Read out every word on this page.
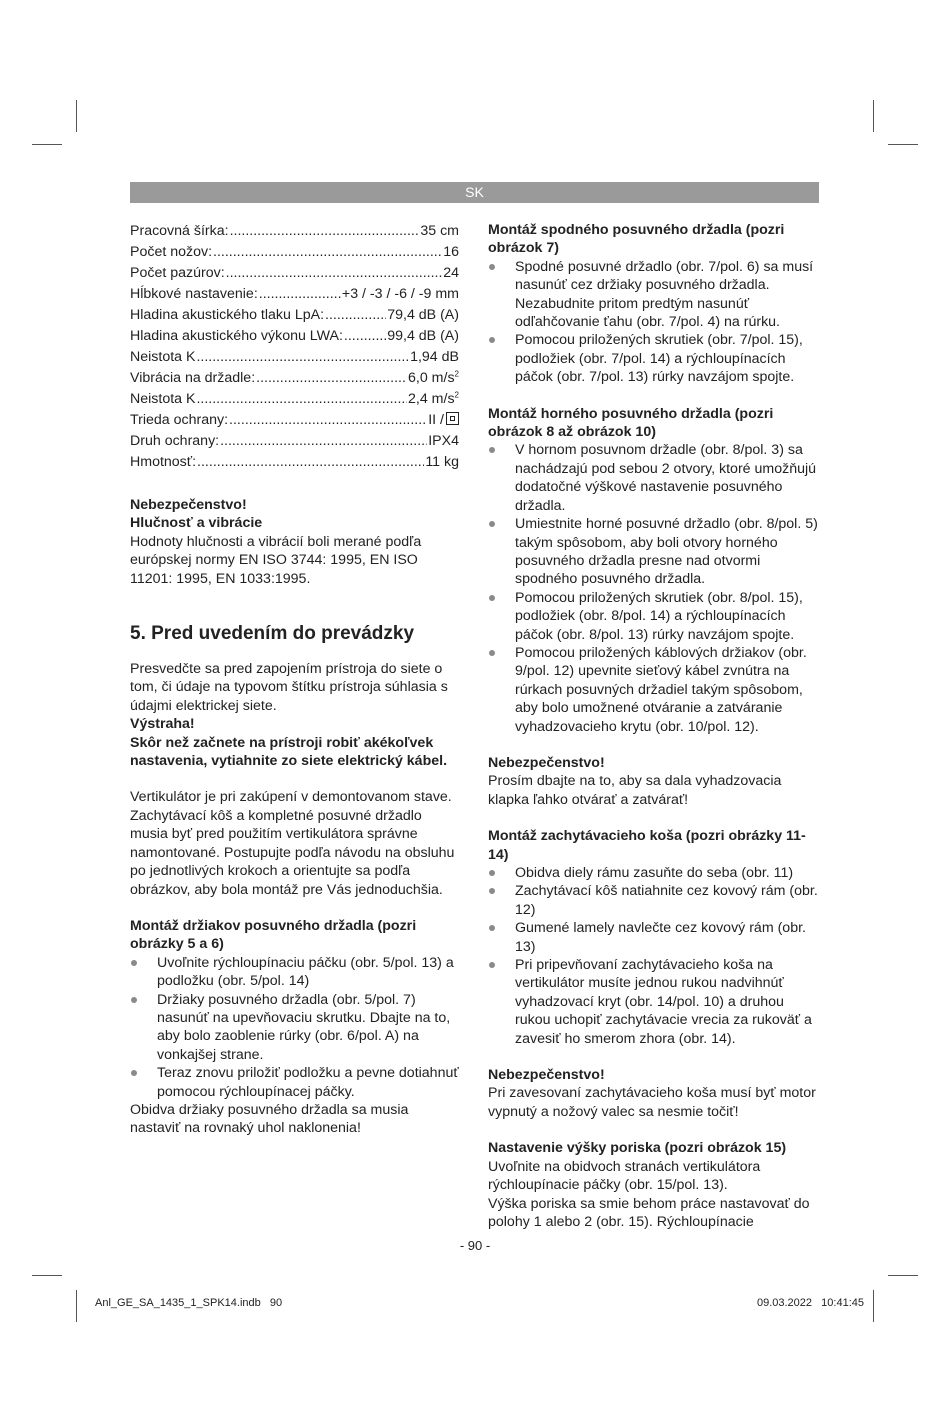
SK
Pracovná šírka: .....	35 cm
Počet nožov: .....	16
Počet pazúrov: .....	24
Hĺbkové nastavenie: .....	+3 / -3 / -6 / -9 mm
Hladina akustického tlaku LpA: .....	79,4 dB (A)
Hladina akustického výkonu LWA: .....	99,4 dB (A)
Neistota K .....	1,94 dB
Vibrácia na držadle: .....	6,0 $m/s^2$
Neistota K .....	2,4 $m/s^2$
Trieda ochrany: .....	II /
Druh ochrany: .....	IPX4
Hmotnosť: .....	11 kg

Nebezpečenstvo!

Hlučnosť a vibrácie

Hodnoty hlučnosti a vibrácií boli merané podľa európskej normy EN ISO 3744: 1995, EN ISO 11201: 1995, EN 1033:1995.

5. Pred uvedením do prevádzky

Presvedčte sa pred zapojením prístroja do siete o tom, či údaje na typovom štítku prístroja súhlasia s údajmi elektrickej siete.

Výstraha!

Skôr než začnete na prístroji robiť akékoľvek nastavenia, vytiahnite zo siete elektrický kábel.

Vertikulátor je pri zakúpení v demontovanom stave. Zachytávací kôš a kompletné posuvné držadlo musia byť pred použitím vertikulátora správne namontované. Postupujte podľa návodu na obsluhu po jednotlivých krokoch a orientujte sa podľa obrázkov, aby bola montáž pre Vás jednoduchšia.

Montáž držiakov posuvného držadla (pozri obrázky 5 a 6)

Uvoľnite rýchloupínaciu páčku (obr. 5/pol. 13) a podložku (obr. 5/pol. 14)
Držiaky posuvného držadla (obr. 5/pol. 7) nasunúť na upevňovaciu skrutku. Dbajte na to, aby bolo zaoblenie rúrky (obr. 6/pol. A) na vonkajšej strane.
Teraz znovu priložiť podložku a pevne dotiahnuť pomocou rýchloupínacej páčky.

Obidva držiaky posuvného držadla sa musia nastaviť na rovnaký uhol naklonenia!

Montáž spodného posuvného držadla (pozri obrázok 7)

Spodné posuvné držadlo (obr. 7/pol. 6) sa musí nasunúť cez držiaky posuvného držadla. Nezabudnite pritom predtým nasunúť odľahčovanie ťahu (obr. 7/pol. 4) na rúrku.
Pomocou priložených skrutiek (obr. 7/pol. 15), podložiek (obr. 7/pol. 14) a rýchloupínacích páčok (obr. 7/pol. 13) rúrky navzájom spojte.

Montáž horného posuvného držadla (pozri obrázok 8 až obrázok 10)

V hornom posuvnom držadle (obr. 8/pol. 3) sa nachádzajú pod sebou 2 otvory, ktoré umožňujú dodatočné výškové nastavenie posuvného držadla.
Umiestnite horné posuvné držadlo (obr. 8/pol. 5) takým spôsobom, aby boli otvory horného posuvného držadla presne nad otvormi spodného posuvného držadla.
Pomocou priložených skrutiek (obr. 8/pol. 15), podložiek (obr. 8/pol. 14) a rýchloupínacích páčok (obr. 8/pol. 13) rúrky navzájom spojte.
Pomocou priložených káblových držiakov (obr. 9/pol. 12) upevnite sieťový kábel zvnútra na rúrkach posuvných držadiel takým spôsobom, aby bolo umožnené otváranie a zatváranie vyhadzovacieho krytu (obr. 10/pol. 12).

Nebezpečenstvo!

Prosím dbajte na to, aby sa dala vyhadzovacia klapka ľahko otvárať a zatvárať!

Montáž zachytávacieho koša (pozri obrázky 11-14)

Obidva diely rámu zasuňte do seba (obr. 11)
Zachytávací kôš natiahnite cez kovový rám (obr. 12)
Gumené lamely navlečte cez kovový rám (obr. 13)
Pri pripevňovaní zachytávacieho koša na vertikulátor musíte jednou rukou nadvihnúť vyhadzovací kryt (obr. 14/pol. 10) a druhou rukou uchopiť zachytávacie vrecia za rukoväť a zavesiť ho smerom zhora (obr. 14).

Nebezpečenstvo!

Pri zavesovaní zachytávacieho koša musí byť motor vypnutý a nožový valec sa nesmie točiť!

Nastavenie výšky poriska (pozri obrázok 15)

Uvoľnite na obidvoch stranách vertikulátora rýchloupínacie páčky (obr. 15/pol. 13).

Výška poriska sa smie behom práce nastavovať do polohy 1 alebo 2 (obr. 15). Rýchloupínacie

- 90 -
Anl_GE_SA_1435_1_SPK14.indb   90	09.03.2022   10:41:45
